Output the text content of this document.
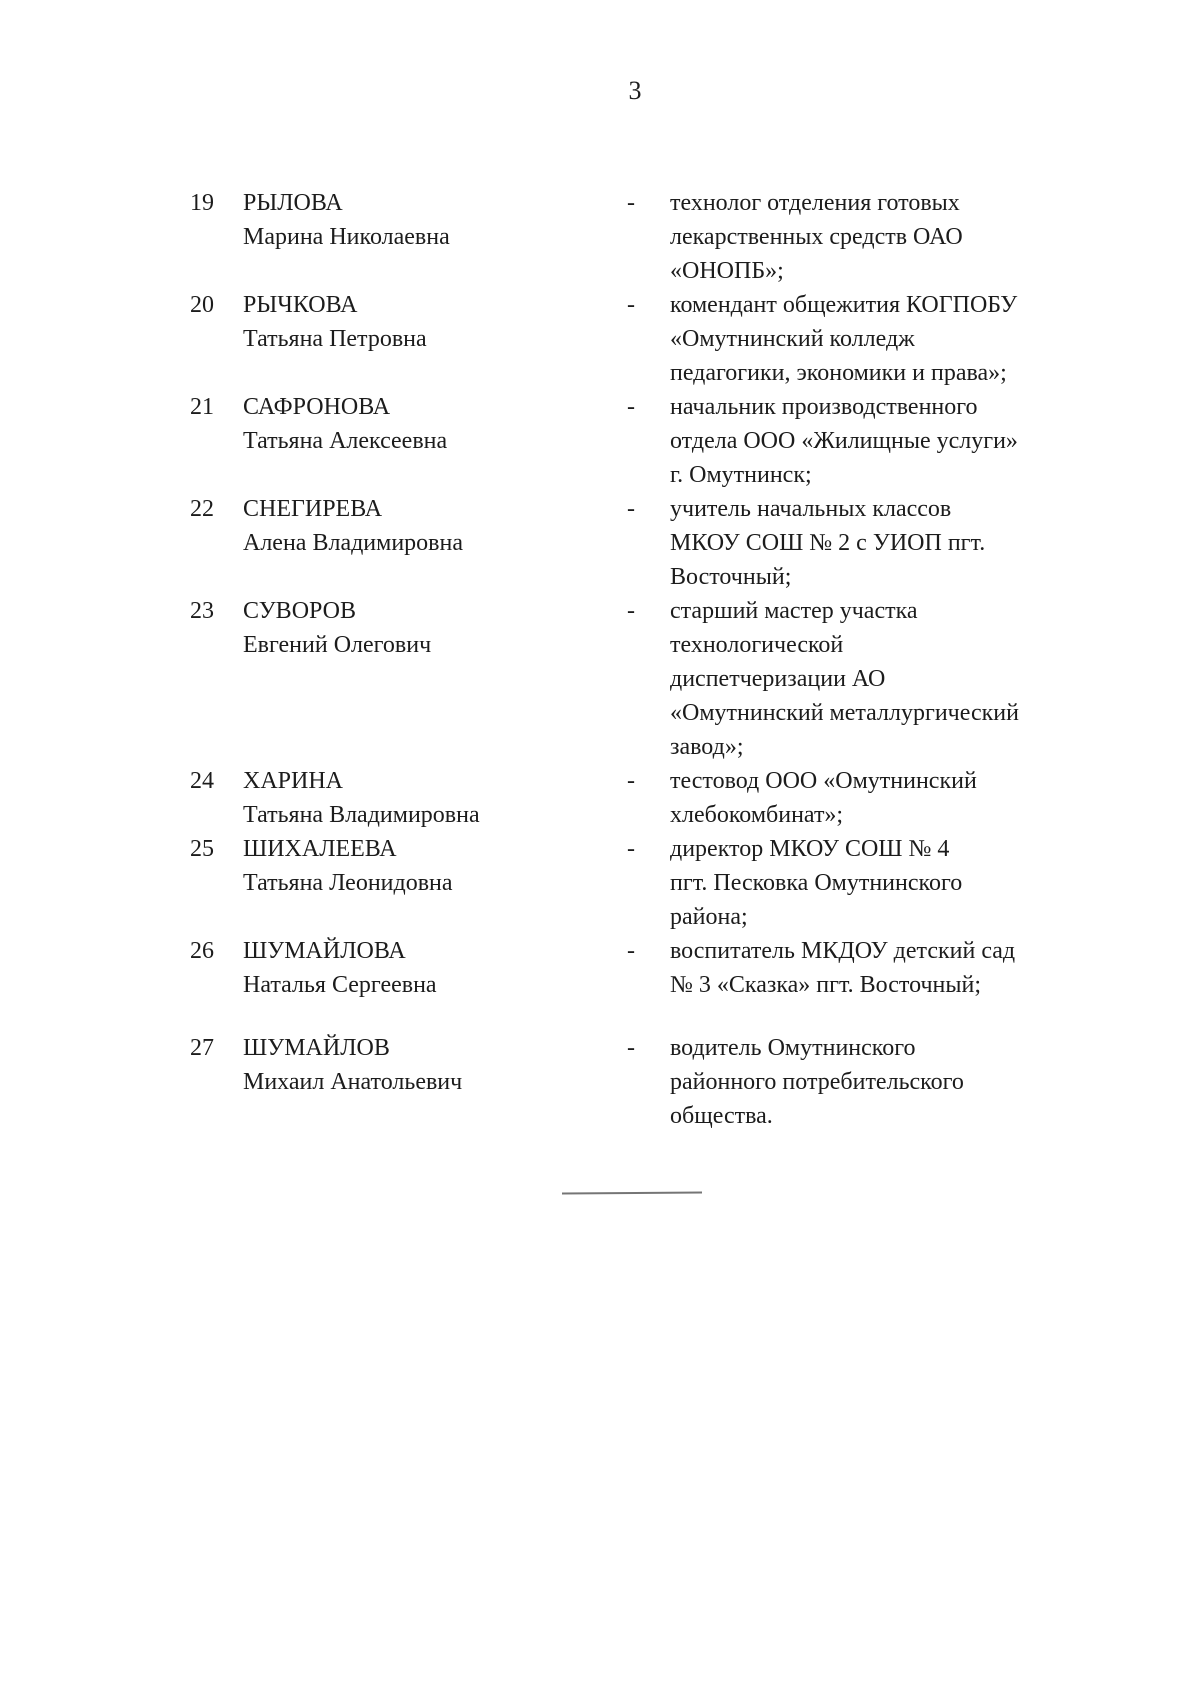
3
19	РЫЛОВА
Марина Николаевна
-	технолог отделения готовых
лекарственных средств ОАО
«ОНОПБ»;
20	РЫЧКОВА
Татьяна Петровна
-	комендант общежития КОГПОБУ
«Омутнинский колледж
педагогики, экономики и права»;
21	САФРОНОВА
Татьяна Алексеевна
-	начальник производственного
отдела ООО «Жилищные услуги»
г. Омутнинск;
22	СНЕГИРЕВА
Алена Владимировна
-	учитель начальных классов
МКОУ СОШ № 2 с УИОП пгт.
Восточный;
23	СУВОРОВ
Евгений Олегович
-	старший мастер участка
технологической
диспетчеризации АО
«Омутнинский металлургический
завод»;
24	ХАРИНА
Татьяна Владимировна
-	тестовод ООО «Омутнинский
хлебокомбинат»;
25	ШИХАЛЕЕВА
Татьяна Леонидовна
-	директор МКОУ СОШ № 4
пгт. Песковка Омутнинского
района;
26	ШУМАЙЛОВА
Наталья Сергеевна
-	воспитатель МКДОУ детский сад
№ 3 «Сказка» пгт. Восточный;
27	ШУМАЙЛОВ
Михаил Анатольевич
-	водитель Омутнинского
районного потребительского
общества.
